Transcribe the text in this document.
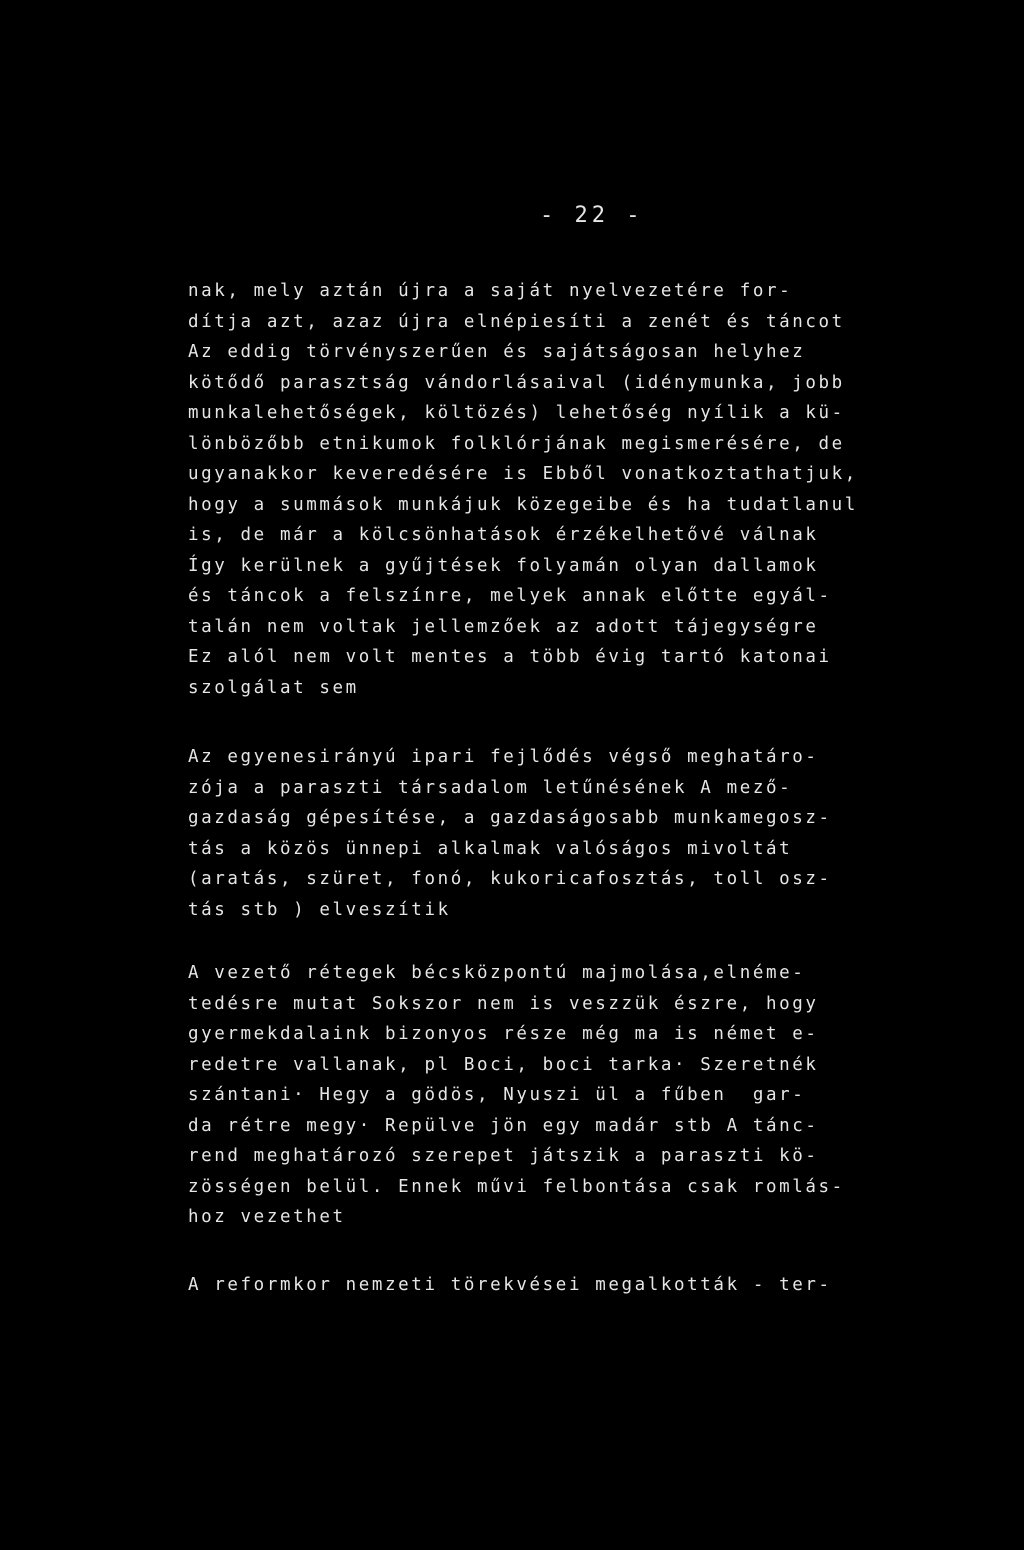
- 22 -
nak, mely aztán újra a saját nyelvezetére for-
dítja azt, azaz újra elnépiesíti a zenét és táncot
Az eddig törvényszerűen és sajátságosan helyhez
kötődő parasztság vándorlásaival (idénymunka, jobb
munkalehetőségek, költözés) lehetőség nyílik a kü-
lönbözőbb etnikumok folklórjának megismerésére, de
ugyanakkor keveredésére is Ebből vonatkoztathatjuk,
hogy a summások munkájuk közegeibe és ha tudatlanul
is, de már a kölcsönhatások érzékelhetővé válnak
Így kerülnek a gyűjtések folyamán olyan dallamok
és táncok a felszínre, melyek annak előtte egyál-
talán nem voltak jellemzőek az adott tájegységre
Ez alól nem volt mentes a több évig tartó katonai
szolgálat sem
Az egyenesirányú ipari fejlődés végső meghatáro-
zója a paraszti társadalom letűnésének A mező-
gazdaság gépesítése, a gazdaságosabb munkamegosz-
tás a közös ünnepi alkalmak valóságos mivoltát
(aratás, szüret, fonó, kukoricafosztás, toll osz-
tás stb ) elveszítik
A vezető rétegek bécsközpontú majmolása,elnéme-
tedésre mutat Sokszor nem is veszzük észre, hogy
gyermekdalaink bizonyos része még ma is német e-
redetre vallanak, pl Boci, boci tarka· Szeretnék
szántani· Hegy a gödös, Nyuszi ül a fűben  gar-
da rétre megy· Repülve jön egy madár stb A tánc-
rend meghatározó szerepet játszik a paraszti kö-
zösségen belül. Ennek művi felbontása csak romlás-
hoz vezethet
A reformkor nemzeti törekvései megalkották - ter-
